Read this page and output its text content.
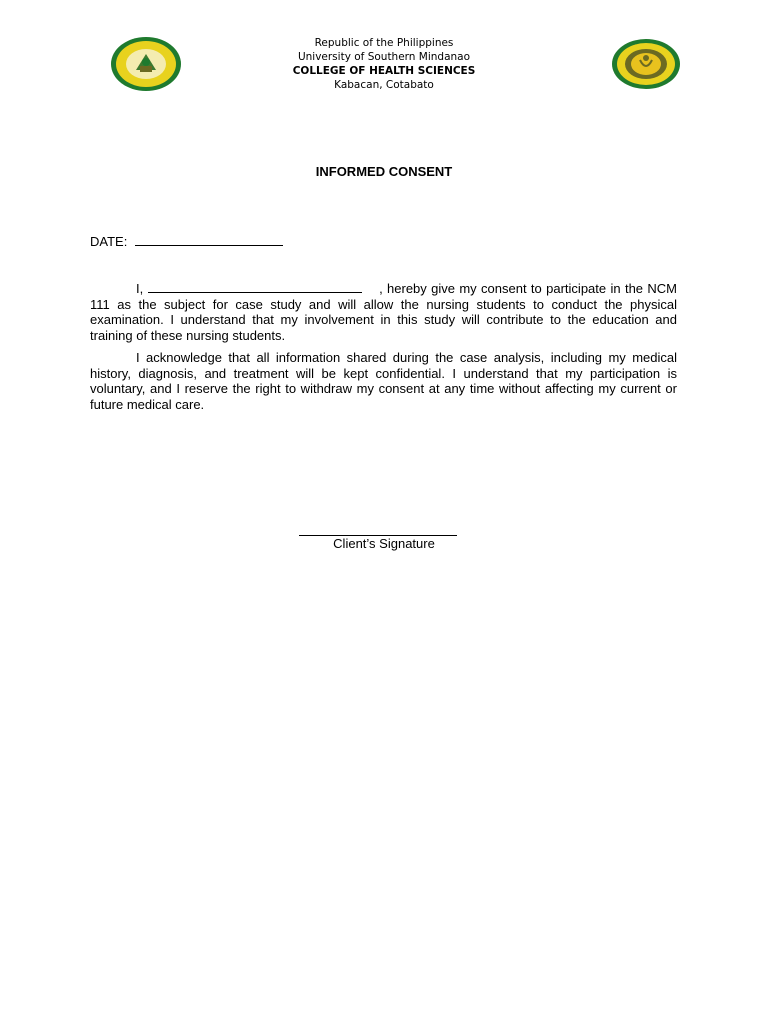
Republic of the Philippines
University of Southern Mindanao
COLLEGE OF HEALTH SCIENCES
Kabacan, Cotabato
INFORMED CONSENT
DATE:

I,	, hereby give my consent to participate in the NCM 111 as the subject for case study and will allow the nursing students to conduct the physical examination. I understand that my involvement in this study will contribute to the education and training of these nursing students.

I acknowledge that all information shared during the case analysis, including my medical history, diagnosis, and treatment will be kept confidential. I understand that my participation is voluntary, and I reserve the right to withdraw my consent at any time without affecting my current or future medical care.

Client’s Signature
